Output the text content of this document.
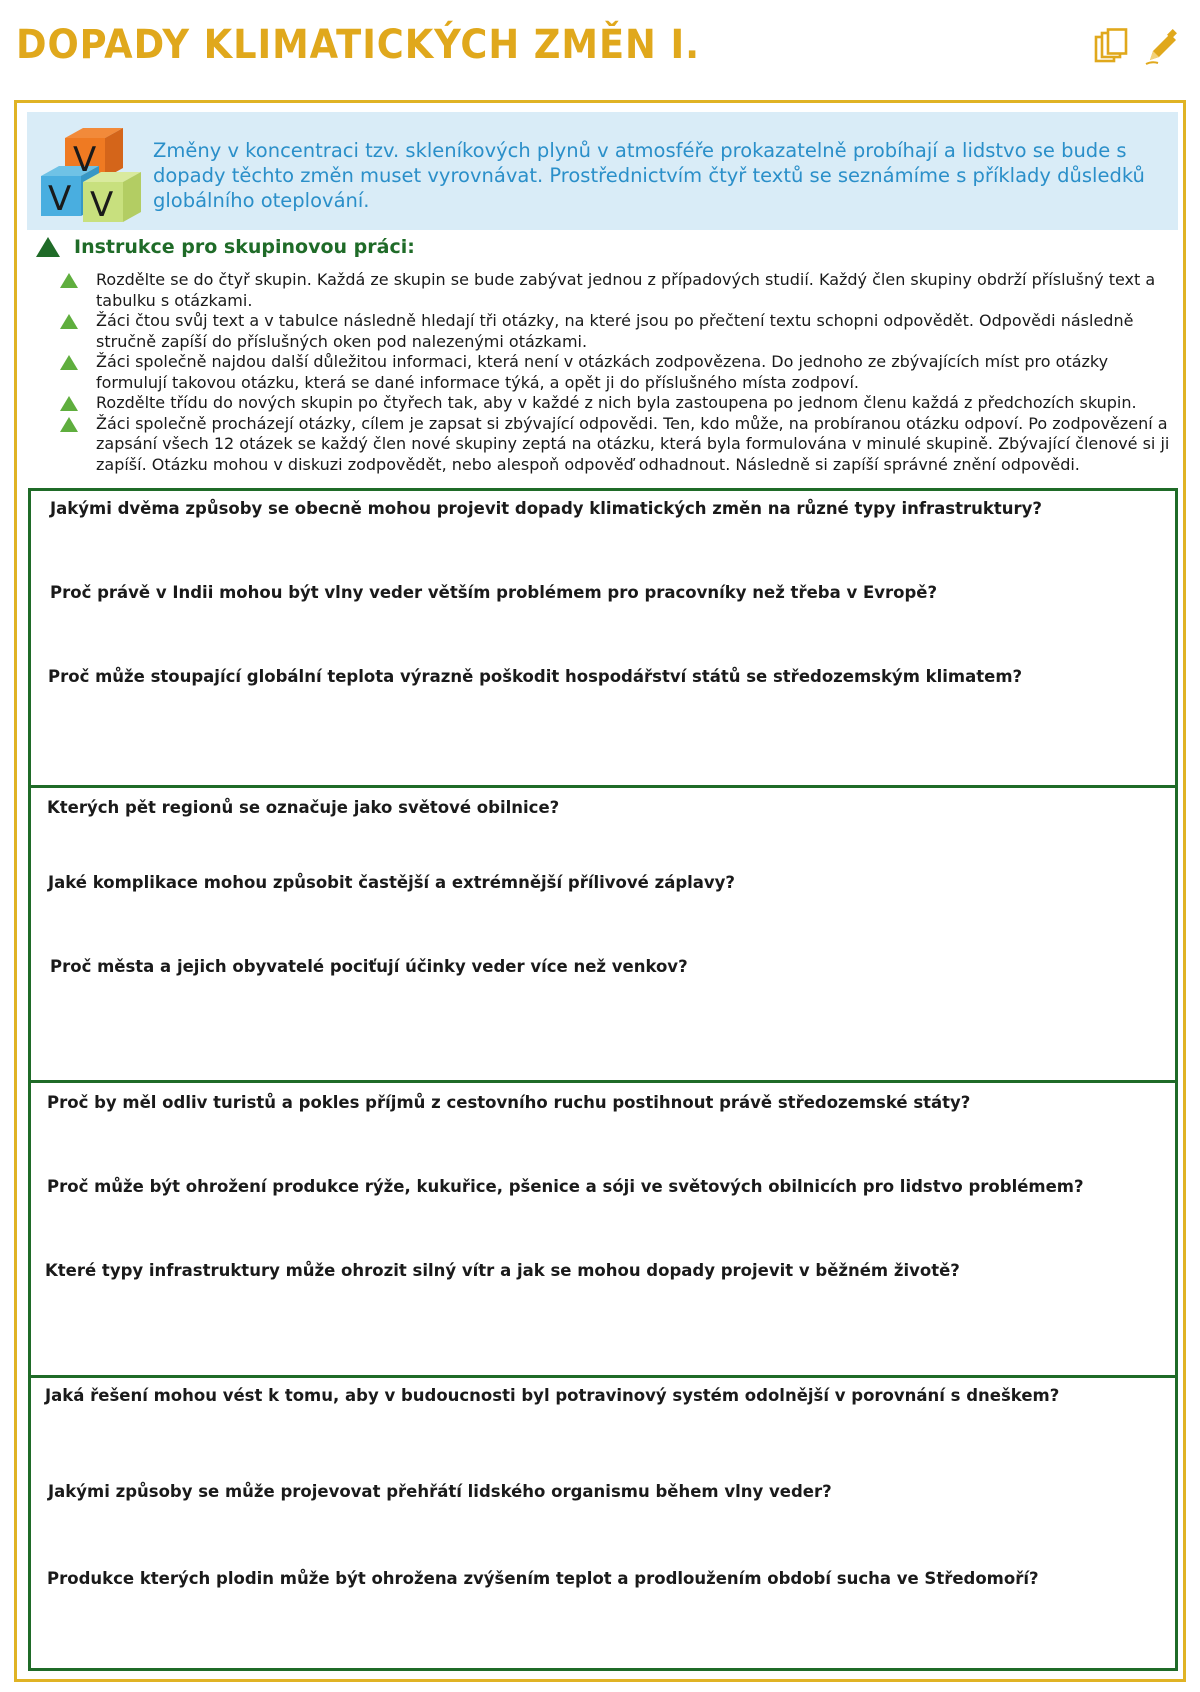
DOPADY KLIMATICKÝCH ZMĚN I.
V
V V
Změny v koncentraci tzv. skleníkových plynů v atmosféře prokazatelně probíhají a lidstvo se bude s dopady těchto změn muset vyrovnávat. Prostřednictvím čtyř textů se seznámíme s příklady důsledků globálního oteplování.
Instrukce pro skupinovou práci:
Rozdělte se do čtyř skupin. Každá ze skupin se bude zabývat jednou z případových studií. Každý člen skupiny obdrží příslušný text a tabulku s otázkami.
Žáci čtou svůj text a v tabulce následně hledají tři otázky, na které jsou po přečtení textu schopni odpovědět. Odpovědi následně stručně zapíší do příslušných oken pod nalezenými otázkami.
Žáci společně najdou další důležitou informaci, která není v otázkách zodpovězena. Do jednoho ze zbývajících míst pro otázky formulují takovou otázku, která se dané informace týká, a opět ji do příslušného místa zodpoví.
Rozdělte třídu do nových skupin po čtyřech tak, aby v každé z nich byla zastoupena po jednom členu každá z předchozích skupin.
Žáci společně procházejí otázky, cílem je zapsat si zbývající odpovědi. Ten, kdo může, na probíranou otázku odpoví. Po zodpovězení a zapsání všech 12 otázek se každý člen nové skupiny zeptá na otázku, která byla formulována v minulé skupině. Zbývající členové si ji zapíší. Otázku mohou v diskuzi zodpovědět, nebo alespoň odpověď odhadnout. Následně si zapíší správné znění odpovědi.
Jakými dvěma způsoby se obecně mohou projevit dopady klimatických změn na různé typy infrastruktury?
Proč právě v Indii mohou být vlny veder větším problémem pro pracovníky než třeba v Evropě?
Proč může stoupající globální teplota výrazně poškodit hospodářství států se středozemským klimatem?
Kterých pět regionů se označuje jako světové obilnice?
Jaké komplikace mohou způsobit častější a extrémnější přílivové záplavy?
Proč města a jejich obyvatelé pociťují účinky veder více než venkov?
Proč by měl odliv turistů a pokles příjmů z cestovního ruchu postihnout právě středozemské státy?
Proč může být ohrožení produkce rýže, kukuřice, pšenice a sóji ve světových obilnicích pro lidstvo problémem?
Které typy infrastruktury může ohrozit silný vítr a jak se mohou dopady projevit v běžném životě?
Jaká řešení mohou vést k tomu, aby v budoucnosti byl potravinový systém odolnější v porovnání s dneškem?
Jakými způsoby se může projevovat přehřátí lidského organismu během vlny veder?
Produkce kterých plodin může být ohrožena zvýšením teplot a prodloužením období sucha ve Středomoří?
